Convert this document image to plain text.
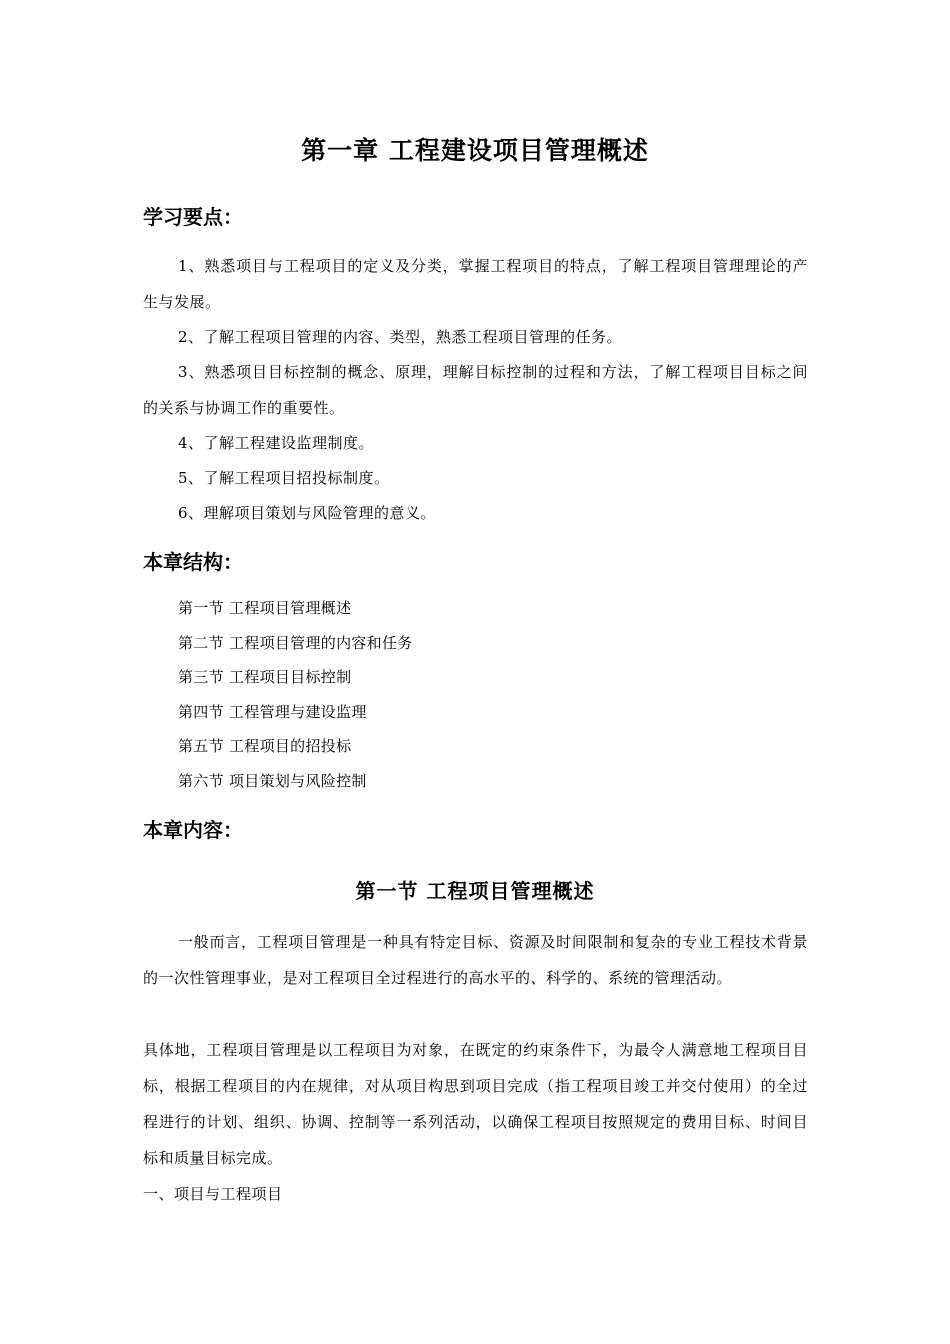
第一章 工程建设项目管理概述
学习要点：
1、熟悉项目与工程项目的定义及分类，掌握工程项目的特点，了解工程项目管理理论的产生与发展。
2、了解工程项目管理的内容、类型，熟悉工程项目管理的任务。
3、熟悉项目目标控制的概念、原理，理解目标控制的过程和方法，了解工程项目目标之间的关系与协调工作的重要性。
4、了解工程建设监理制度。
5、了解工程项目招投标制度。
6、理解项目策划与风险管理的意义。
本章结构：
第一节 工程项目管理概述
第二节 工程项目管理的内容和任务
第三节 工程项目目标控制
第四节 工程管理与建设监理
第五节 工程项目的招投标
第六节 项目策划与风险控制
本章内容：
第一节 工程项目管理概述
一般而言，工程项目管理是一种具有特定目标、资源及时间限制和复杂的专业工程技术背景的一次性管理事业，是对工程项目全过程进行的高水平的、科学的、系统的管理活动。
具体地，工程项目管理是以工程项目为对象，在既定的约束条件下，为最令人满意地工程项目目标，根据工程项目的内在规律，对从项目构思到项目完成（指工程项目竣工并交付使用）的全过程进行的计划、组织、协调、控制等一系列活动，以确保工程项目按照规定的费用目标、时间目标和质量目标完成。
一、项目与工程项目
